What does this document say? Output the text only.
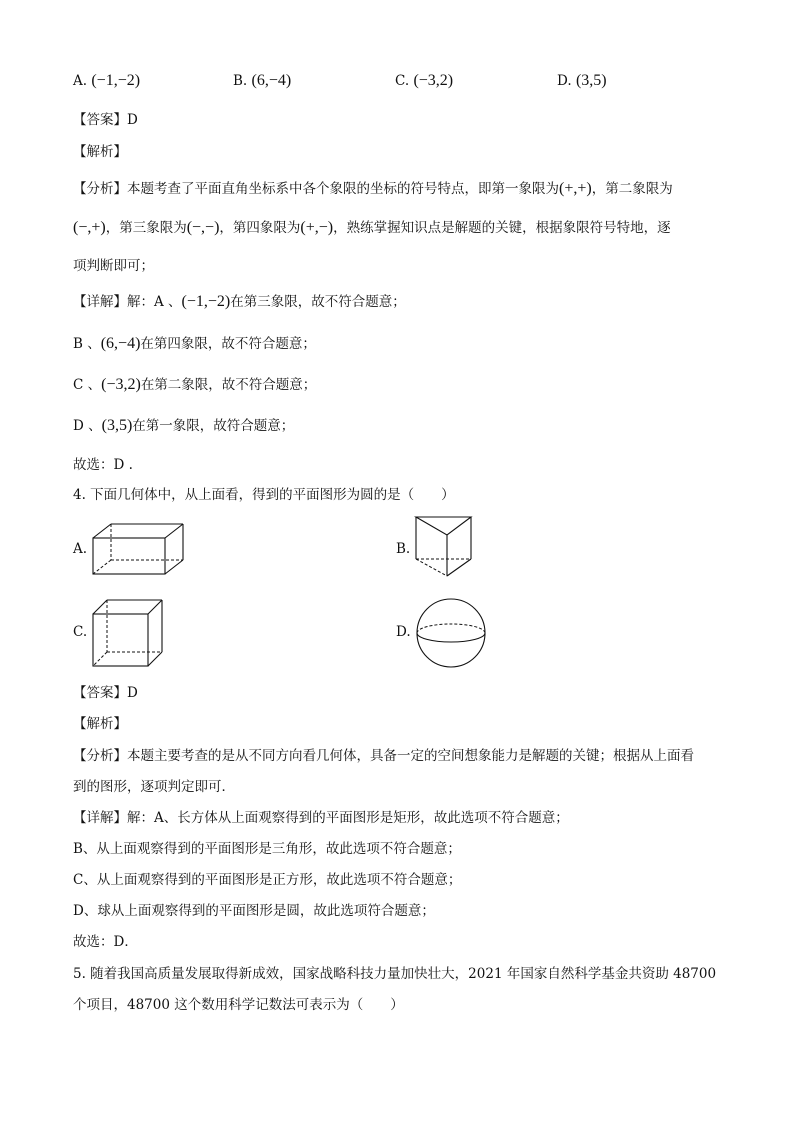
A. (−1,−2)	B. (6,−4)	C. (−3,2)	D. (3,5)
【答案】D
【解析】
【分析】本题考查了平面直角坐标系中各个象限的坐标的符号特点，即第一象限为(+,+)，第二象限为
(−,+)，第三象限为(−,−)，第四象限为(+,−)，熟练掌握知识点是解题的关键，根据象限符号特地，逐
项判断即可；
【详解】解：A 、(−1,−2)在第三象限，故不符合题意；
B 、(6,−4)在第四象限，故不符合题意；
C 、(−3,2)在第二象限，故不符合题意；
D 、(3,5)在第一象限，故符合题意；
故选：D .
4. 下面几何体中，从上面看，得到的平面图形为圆的是（　　）
A.	B.
C.	D.
【答案】D
【解析】
【分析】本题主要考查的是从不同方向看几何体，具备一定的空间想象能力是解题的关键；根据从上面看
到的图形，逐项判定即可．
【详解】解：A、长方体从上面观察得到的平面图形是矩形，故此选项不符合题意；
B、从上面观察得到的平面图形是三角形，故此选项不符合题意；
C、从上面观察得到的平面图形是正方形，故此选项不符合题意；
D、球从上面观察得到的平面图形是圆，故此选项符合题意；
故选：D．
5. 随着我国高质量发展取得新成效，国家战略科技力量加快壮大，2021 年国家自然科学基金共资助 48700
个项目，48700 这个数用科学记数法可表示为（　　）
